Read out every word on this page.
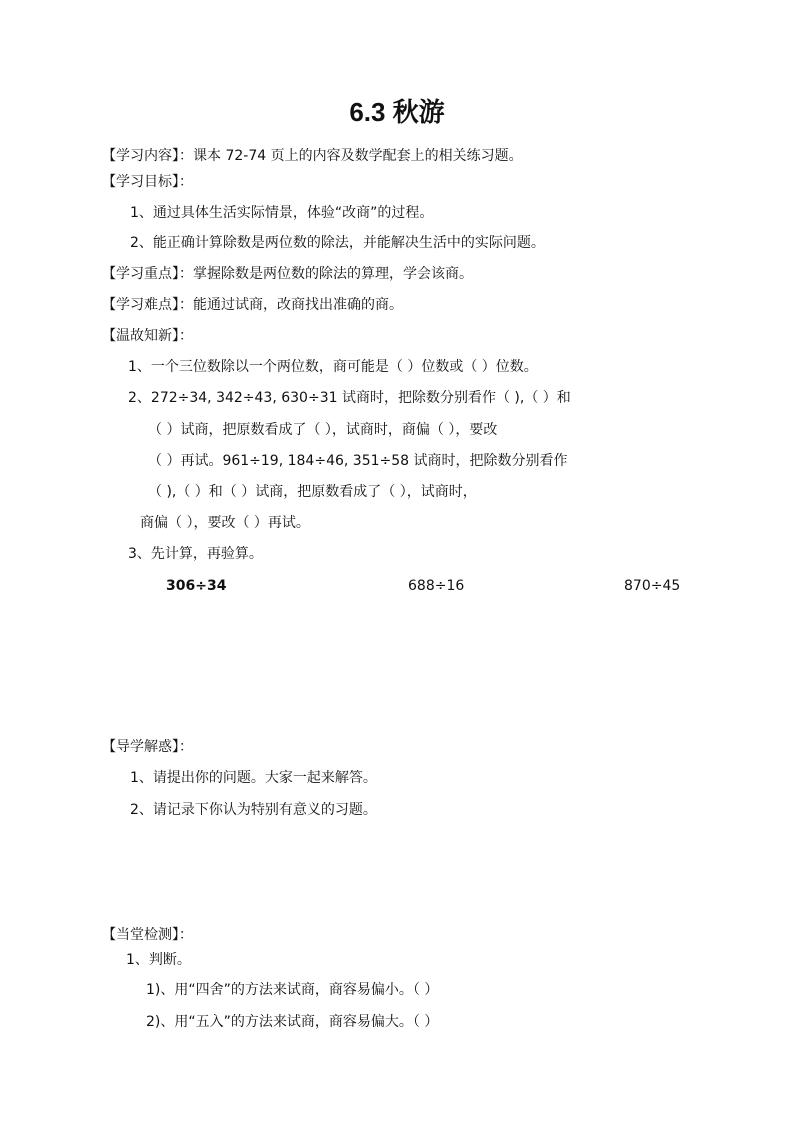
6.3 秋游
【学习内容】：课本 72-74 页上的内容及数学配套上的相关练习题。
【学习目标】：
1、通过具体生活实际情景，体验“改商”的过程。
2、能正确计算除数是两位数的除法，并能解决生活中的实际问题。
【学习重点】：掌握除数是两位数的除法的算理，学会该商。
【学习难点】：能通过试商，改商找出准确的商。
【温故知新】：
1、一个三位数除以一个两位数，商可能是（ ）位数或（ ）位数。
2、272÷34, 342÷43, 630÷31 试商时，把除数分别看作（ ),（ ）和
（ ）试商，把原数看成了（ ），试商时，商偏（ ），要改
（ ）再试。961÷19, 184÷46, 351÷58 试商时，把除数分别看作
（ ),（ ）和（ ）试商，把原数看成了（ ），试商时，
商偏（ ），要改（ ）再试。
3、先计算，再验算。
306÷34	688÷16	870÷45
【导学解惑】：
1、请提出你的问题。大家一起来解答。
2、请记录下你认为特别有意义的习题。
【当堂检测】：
1、判断。
1)、用“四舍”的方法来试商，商容易偏小。（ ）
2)、用“五入”的方法来试商，商容易偏大。（ ）
